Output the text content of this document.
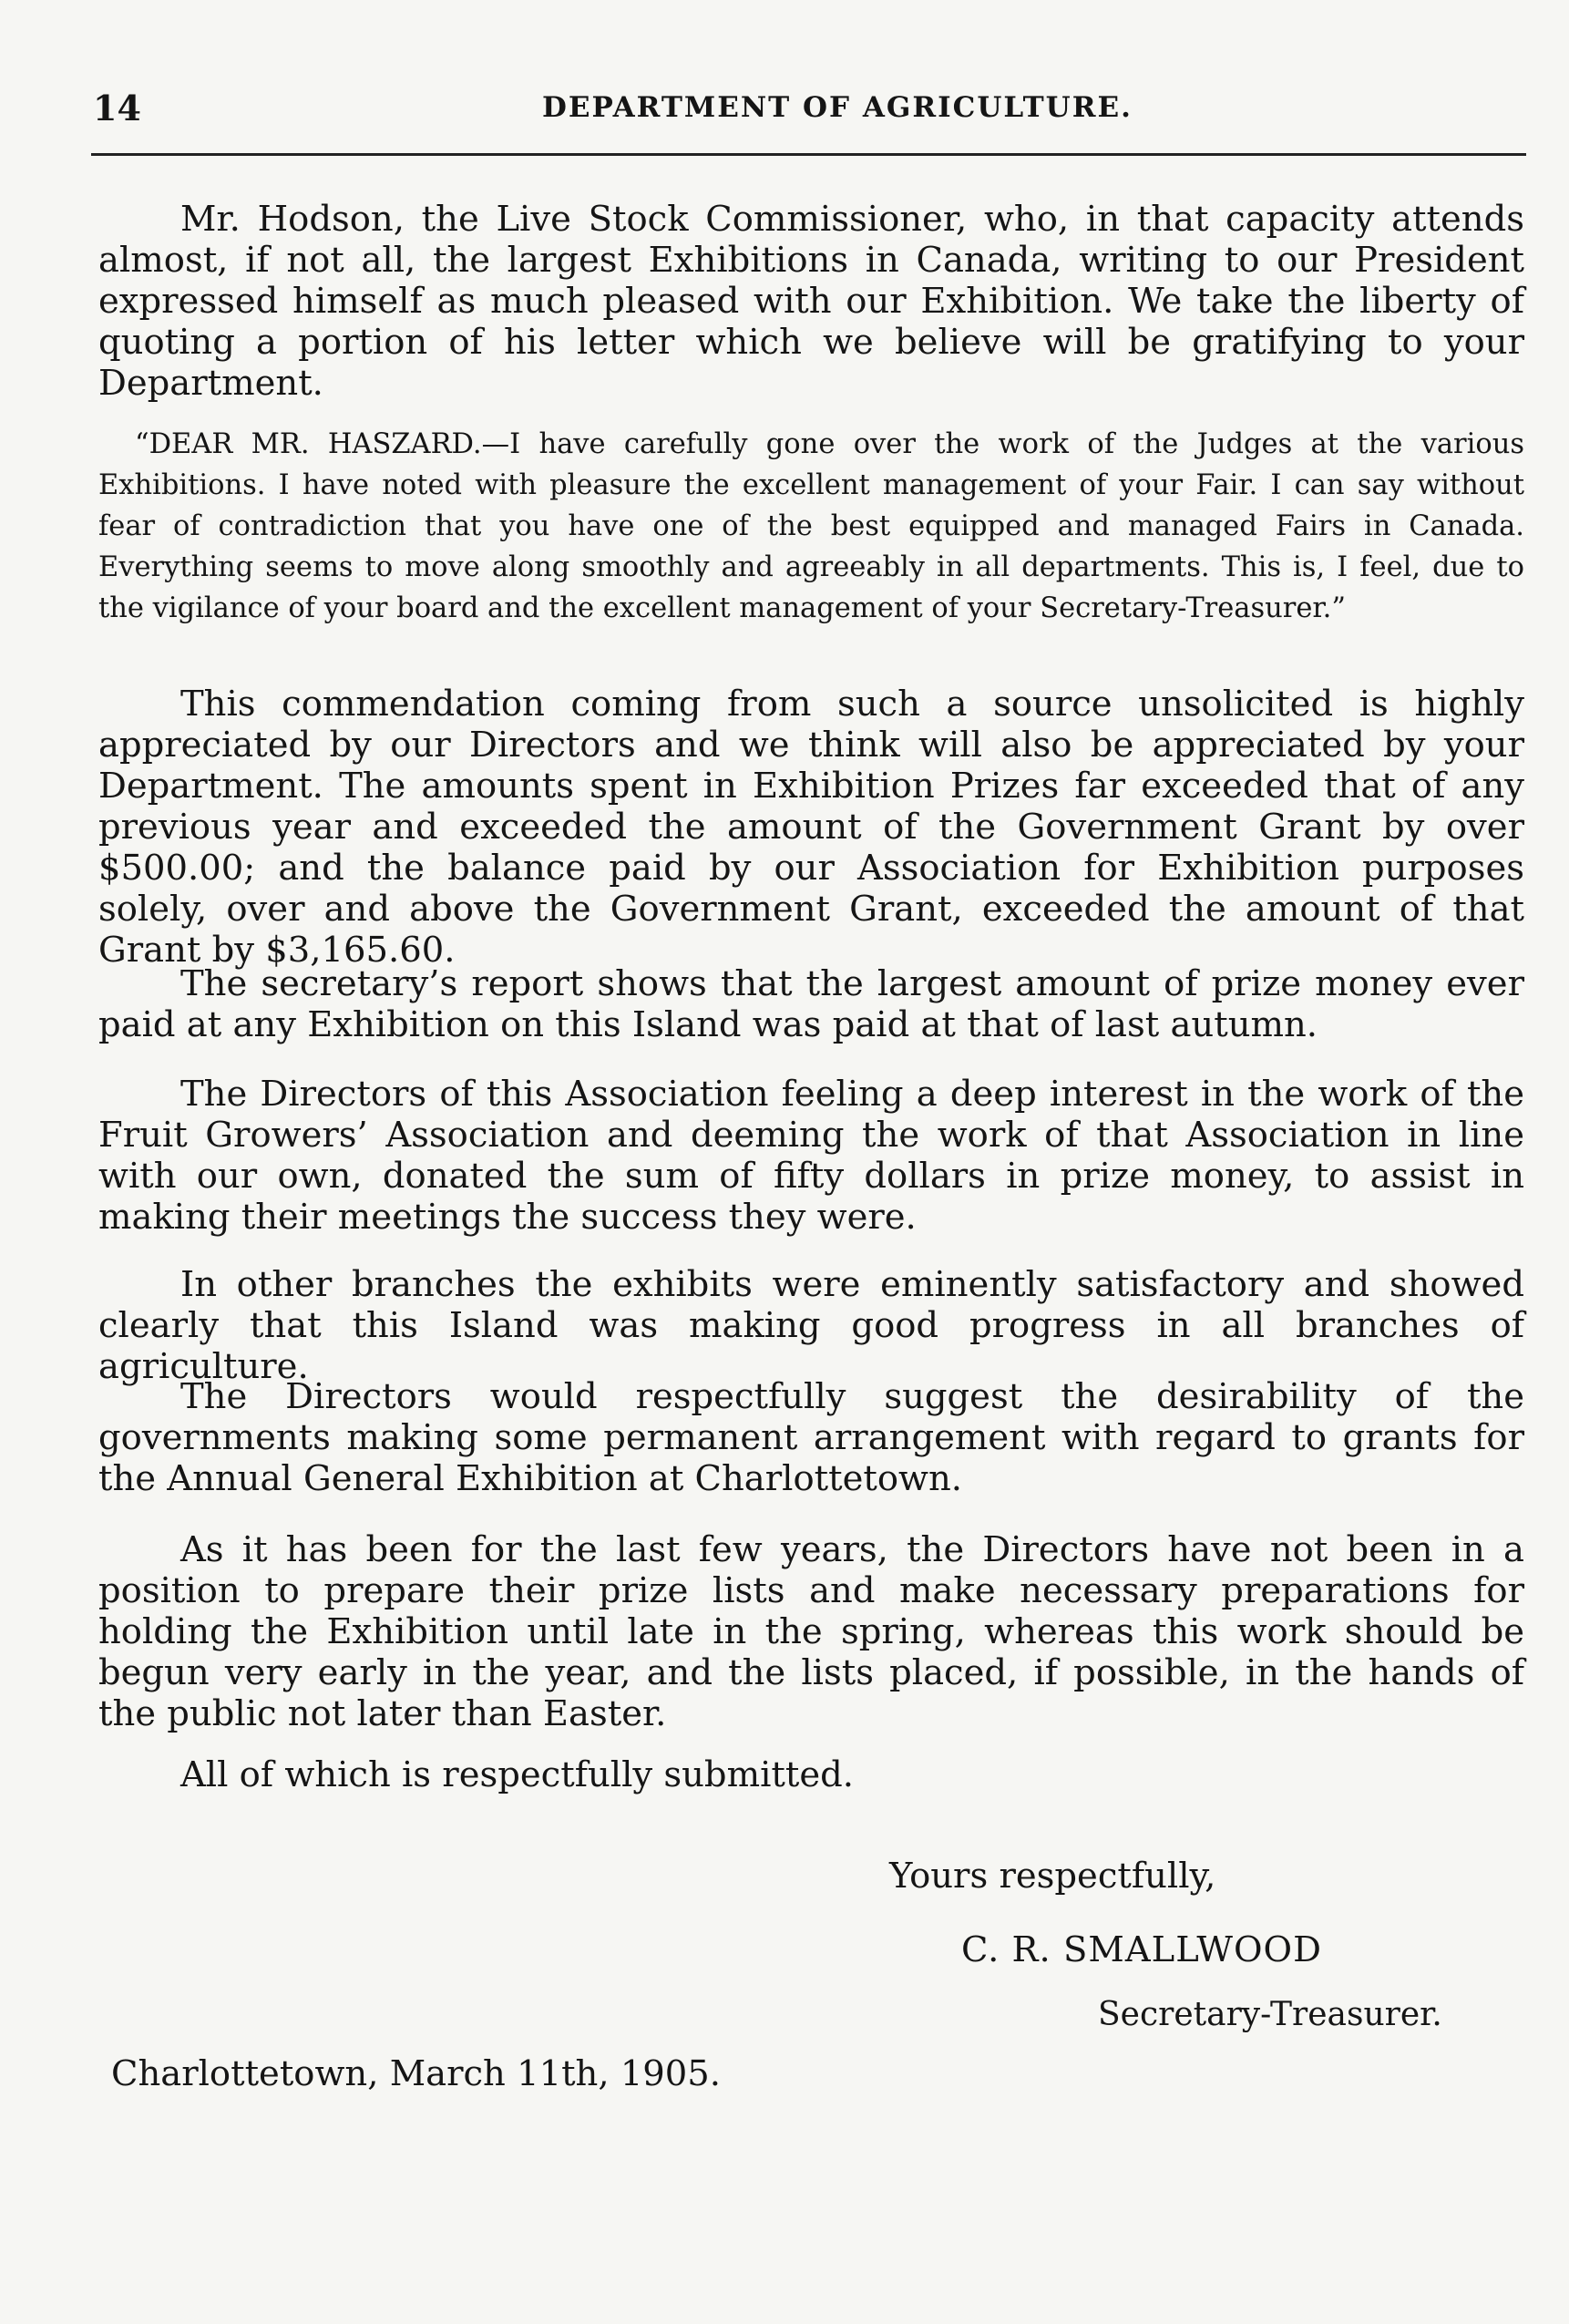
14	DEPARTMENT OF AGRICULTURE.

Mr. Hodson, the Live Stock Commissioner, who, in that capacity attends almost, if not all, the largest Exhibitions in Canada, writing to our President expressed himself as much pleased with our Exhibition. We take the liberty of quoting a portion of his letter which we believe will be gratifying to your Department.

“DEAR MR. HASZARD.—I have carefully gone over the work of the Judges at the various Exhibitions. I have noted with pleasure the excellent management of your Fair. I can say without fear of contradiction that you have one of the best equipped and managed Fairs in Canada. Everything seems to move along smoothly and agreeably in all departments. This is, I feel, due to the vigilance of your board and the excellent management of your Secretary-Treasurer.”

This commendation coming from such a source unsolicited is highly appreciated by our Directors and we think will also be appreciated by your Department. The amounts spent in Exhibition Prizes far exceeded that of any previous year and exceeded the amount of the Government Grant by over $500.00; and the balance paid by our Association for Exhibition purposes solely, over and above the Government Grant, exceeded the amount of that Grant by $3,165.60.

The secretary’s report shows that the largest amount of prize money ever paid at any Exhibition on this Island was paid at that of last autumn.

The Directors of this Association feeling a deep interest in the work of the Fruit Growers’ Association and deeming the work of that Association in line with our own, donated the sum of fifty dollars in prize money, to assist in making their meetings the success they were.

In other branches the exhibits were eminently satisfactory and showed clearly that this Island was making good progress in all branches of agriculture.

The Directors would respectfully suggest the desirability of the governments making some permanent arrangement with regard to grants for the Annual General Exhibition at Charlottetown.

As it has been for the last few years, the Directors have not been in a position to prepare their prize lists and make necessary preparations for holding the Exhibition until late in the spring, whereas this work should be begun very early in the year, and the lists placed, if possible, in the hands of the public not later than Easter.

All of which is respectfully submitted.

Yours respectfully,
C. R. SMALLWOOD
Secretary-Treasurer.
Charlottetown, March 11th, 1905.
